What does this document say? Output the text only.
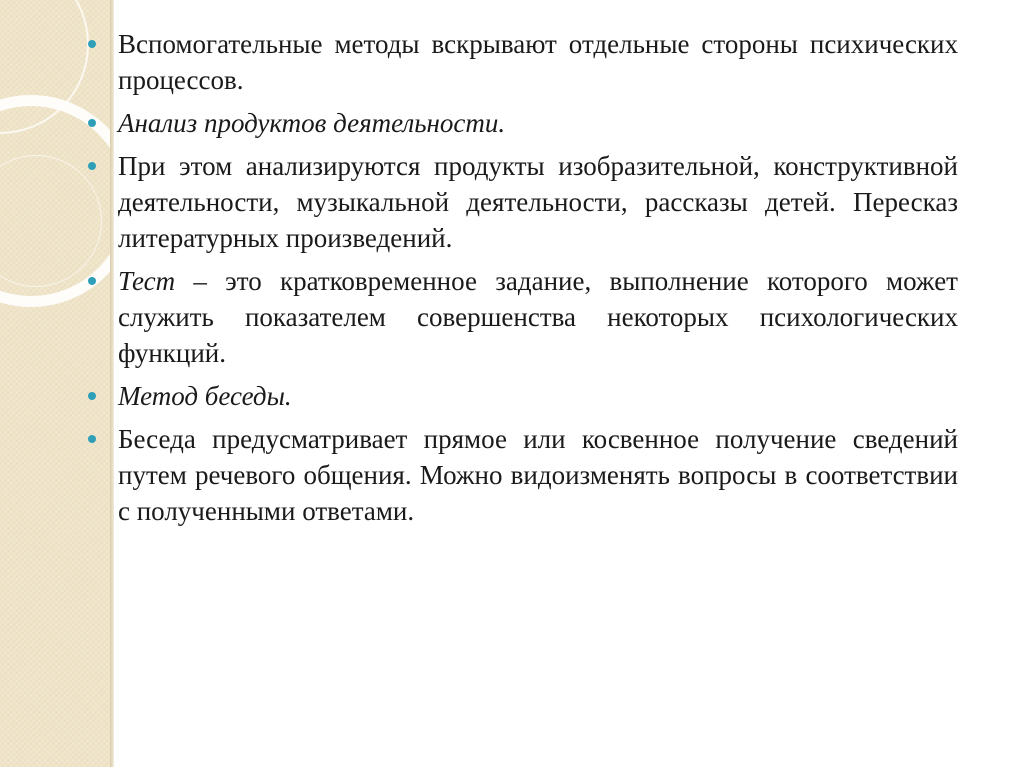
Вспомогательные методы вскрывают отдельные стороны психических процессов.
Анализ продуктов деятельности.
При этом анализируются продукты изобразительной, конструктивной деятельности, музыкальной деятельности, рассказы детей. Пересказ литературных произведений.
Тест – это кратковременное задание, выполнение которого может служить показателем совершенства некоторых психологических функций.
Метод беседы.
Беседа предусматривает прямое или косвенное получение сведений путем речевого общения. Можно видоизменять вопросы в соответствии с полученными ответами.
